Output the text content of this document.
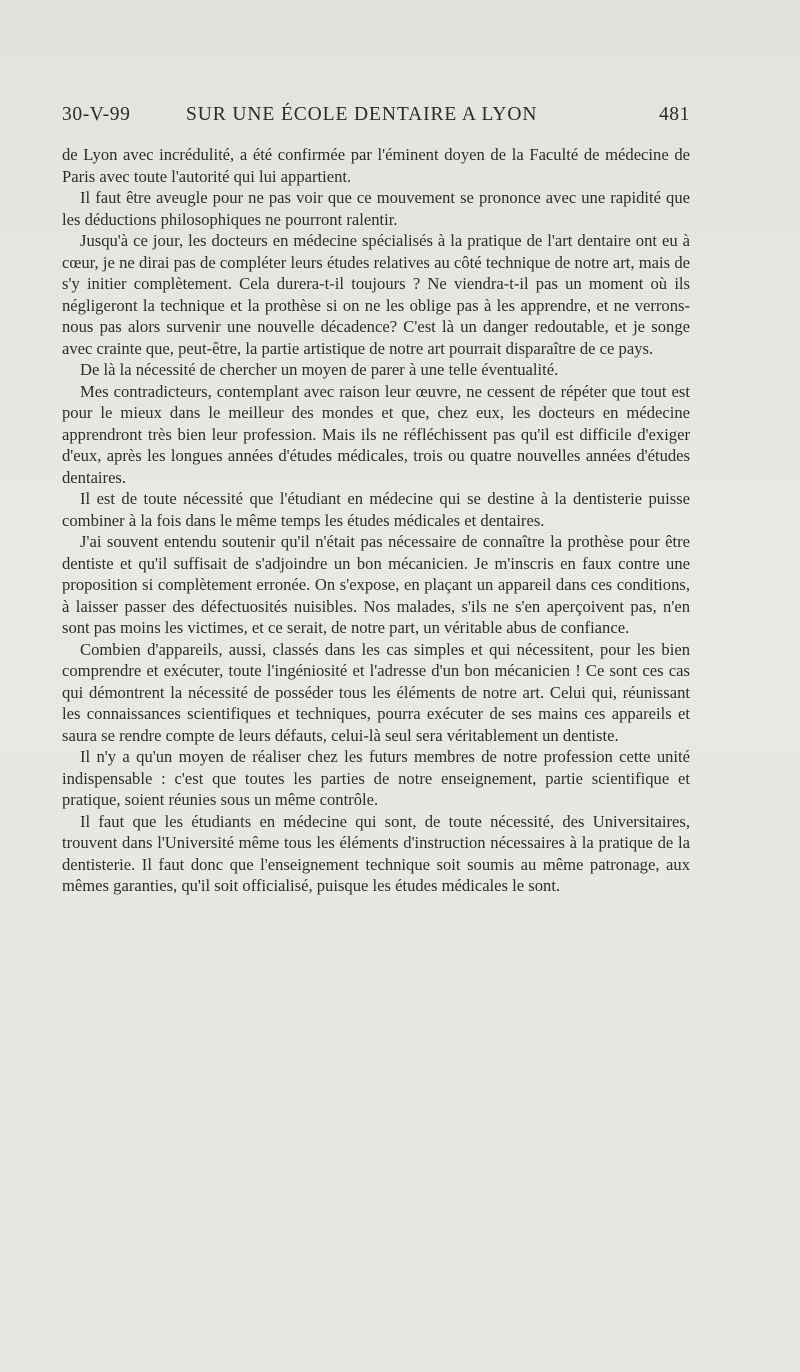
30-V-99	SUR UNE ÉCOLE DENTAIRE A LYON	481

de Lyon avec incrédulité, a été confirmée par l'éminent doyen de la Faculté de médecine de Paris avec toute l'autorité qui lui appartient.

Il faut être aveugle pour ne pas voir que ce mouvement se prononce avec une rapidité que les déductions philosophiques ne pourront ralentir.

Jusqu'à ce jour, les docteurs en médecine spécialisés à la pratique de l'art dentaire ont eu à cœur, je ne dirai pas de compléter leurs études relatives au côté technique de notre art, mais de s'y initier complètement. Cela durera-t-il toujours ? Ne viendra-t-il pas un moment où ils négligeront la technique et la prothèse si on ne les oblige pas à les apprendre, et ne verrons-nous pas alors survenir une nouvelle décadence? C'est là un danger redoutable, et je songe avec crainte que, peut-être, la partie artistique de notre art pourrait disparaître de ce pays.

De là la nécessité de chercher un moyen de parer à une telle éventualité.

Mes contradicteurs, contemplant avec raison leur œuvre, ne cessent de répéter que tout est pour le mieux dans le meilleur des mondes et que, chez eux, les docteurs en médecine apprendront très bien leur profession. Mais ils ne réfléchissent pas qu'il est difficile d'exiger d'eux, après les longues années d'études médicales, trois ou quatre nouvelles années d'études dentaires.

Il est de toute nécessité que l'étudiant en médecine qui se destine à la dentisterie puisse combiner à la fois dans le même temps les études médicales et dentaires.

J'ai souvent entendu soutenir qu'il n'était pas nécessaire de connaître la prothèse pour être dentiste et qu'il suffisait de s'adjoindre un bon mécanicien. Je m'inscris en faux contre une proposition si complètement erronée. On s'expose, en plaçant un appareil dans ces conditions, à laisser passer des défectuosités nuisibles. Nos malades, s'ils ne s'en aperçoivent pas, n'en sont pas moins les victimes, et ce serait, de notre part, un véritable abus de confiance.

Combien d'appareils, aussi, classés dans les cas simples et qui nécessitent, pour les bien comprendre et exécuter, toute l'ingéniosité et l'adresse d'un bon mécanicien ! Ce sont ces cas qui démontrent la nécessité de posséder tous les éléments de notre art. Celui qui, réunissant les connaissances scientifiques et techniques, pourra exécuter de ses mains ces appareils et saura se rendre compte de leurs défauts, celui-là seul sera véritablement un dentiste.

Il n'y a qu'un moyen de réaliser chez les futurs membres de notre profession cette unité indispensable : c'est que toutes les parties de notre enseignement, partie scientifique et pratique, soient réunies sous un même contrôle.

Il faut que les étudiants en médecine qui sont, de toute nécessité, des Universitaires, trouvent dans l'Université même tous les éléments d'instruction nécessaires à la pratique de la dentisterie. Il faut donc que l'enseignement technique soit soumis au même patronage, aux mêmes garanties, qu'il soit officialisé, puisque les études médicales le sont.
